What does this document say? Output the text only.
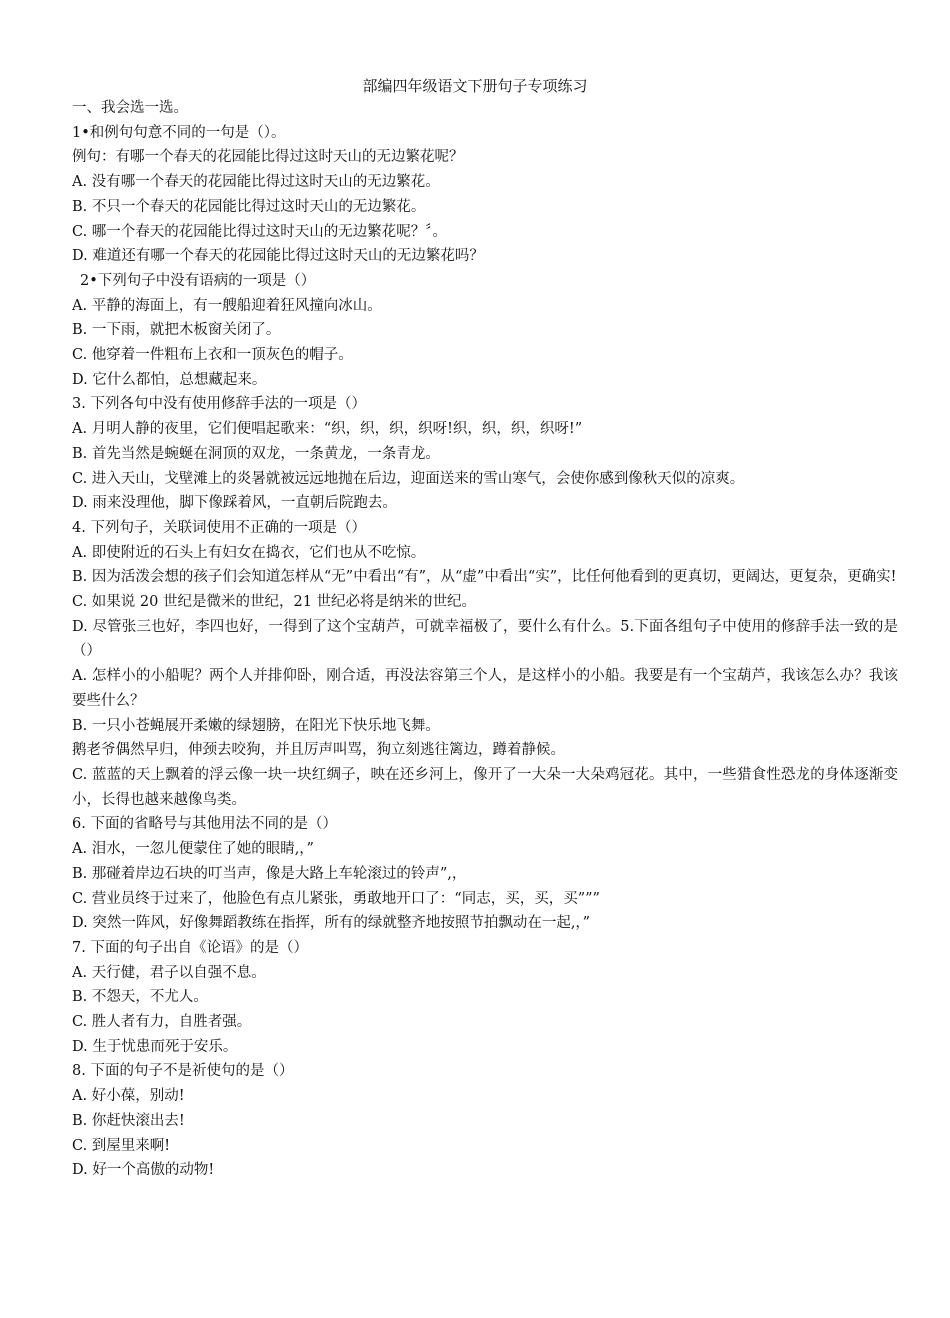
部编四年级语文下册句子专项练习
一、我会选一选。
1•和例句句意不同的一句是（）。
例句：有哪一个春天的花园能比得过这时天山的无边繁花呢？
A. 没有哪一个春天的花园能比得过这时天山的无边繁花。
B. 不只一个春天的花园能比得过这时天山的无边繁花。
C. 哪一个春天的花园能比得过这时天山的无边繁花呢？〞。
D. 难道还有哪一个春天的花园能比得过这时天山的无边繁花吗？
2•下列句子中没有语病的一项是（）
A. 平静的海面上，有一艘船迎着狂风撞向冰山。
B. 一下雨，就把木板窗关闭了。
C. 他穿着一件粗布上衣和一顶灰色的帽子。
D. 它什么都怕，总想藏起来。
3. 下列各句中没有使用修辞手法的一项是（）
A. 月明人静的夜里，它们便唱起歌来：“织，织，织，织呀!织，织，织，织呀!”
B. 首先当然是蜿蜒在洞顶的双龙，一条黄龙，一条青龙。
C. 进入天山，戈壁滩上的炎暑就被远远地抛在后边，迎面送来的雪山寒气，会使你感到像秋天似的凉爽。
D. 雨来没理他，脚下像踩着风，一直朝后院跑去。
4. 下列句子，关联词使用不正确的一项是（）
A. 即使附近的石头上有妇女在捣衣，它们也从不吃惊。
B. 因为活泼会想的孩子们会知道怎样从“无”中看出“有”，从“虚”中看出“实”，比任何他看到的更真切，更阔达，更复杂，更确实!
C. 如果说 20 世纪是微米的世纪，21 世纪必将是纳米的世纪。
D. 尽管张三也好，李四也好，一得到了这个宝葫芦，可就幸福极了，要什么有什么。5.下面各组句子中使用的修辞手法一致的是（）
A. 怎样小的小船呢？两个人并排仰卧，刚合适，再没法容第三个人，是这样小的小船。我要是有一个宝葫芦，我该怎么办？我该要些什么？
B. 一只小苍蝇展开柔嫩的绿翅膀，在阳光下快乐地飞舞。
鹅老爷偶然早归，伸颈去咬狗，并且厉声叫骂，狗立刻逃往篱边，蹲着静候。
C. 蓝蓝的天上飘着的浮云像一块一块红绸子，映在还乡河上，像开了一大朵一大朵鸡冠花。其中，一些猎食性恐龙的身体逐渐变小，长得也越来越像鸟类。
6. 下面的省略号与其他用法不同的是（）
A. 泪水，一忽儿便蒙住了她的眼睛,，”
B. 那碰着岸边石块的叮当声，像是大路上车轮滚过的铃声”,，
C. 营业员终于过来了，他脸色有点儿紧张，勇敢地开口了：“同志，买，买，买”””
D. 突然一阵风，好像舞蹈教练在指挥，所有的绿就整齐地按照节拍飘动在一起,，”
7. 下面的句子出自《论语》的是（）
A. 天行健，君子以自强不息。
B. 不怨天，不尤人。
C. 胜人者有力，自胜者强。
D. 生于忧患而死于安乐。
8. 下面的句子不是祈使句的是（）
A. 好小葆，别动!
B. 你赶快滚出去!
C. 到屋里来啊!
D. 好一个高傲的动物!
